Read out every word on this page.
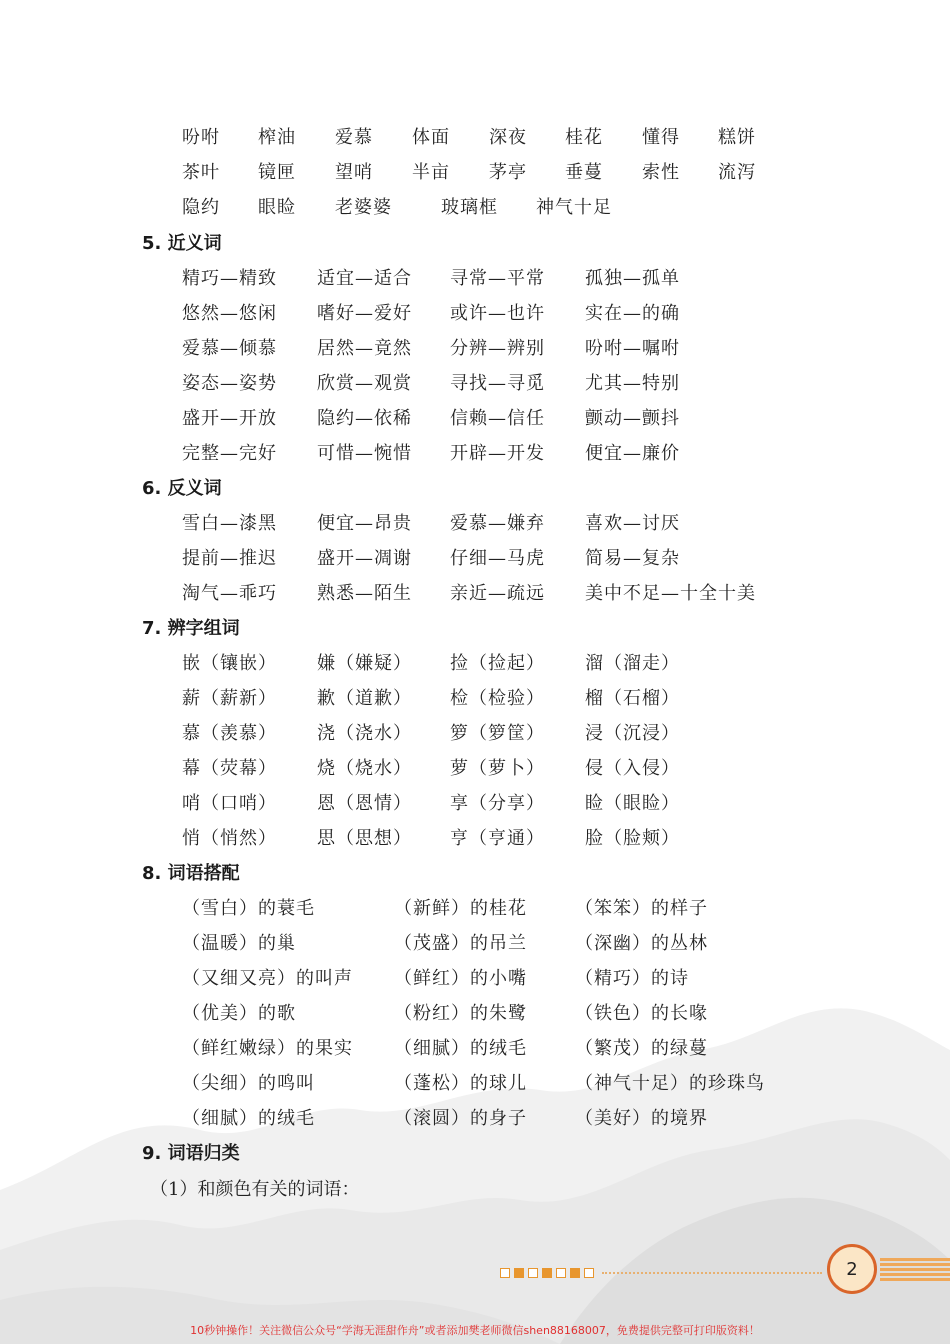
吩咐 榨油 爱慕 体面 深夜 桂花 懂得 糕饼
茶叶 镜匣 望哨 半亩 茅亭 垂蔓 索性 流泻
隐约 眼睑 老婆婆	玻璃框 神气十足
5. 近义词
精巧—精致 适宜—适合 寻常—平常 孤独—孤单
悠然—悠闲 嗜好—爱好 或许—也许 实在—的确
爱慕—倾慕 居然—竟然 分辨—辨别 吩咐—嘱咐
姿态—姿势 欣赏—观赏 寻找—寻觅 尤其—特别
盛开—开放 隐约—依稀 信赖—信任 颤动—颤抖
完整—完好 可惜—惋惜 开辟—开发 便宜—廉价
6. 反义词
雪白—漆黑 便宜—昂贵 爱慕—嫌弃 喜欢—讨厌
提前—推迟 盛开—凋谢 仔细—马虎 简易—复杂
淘气—乖巧 熟悉—陌生 亲近—疏远 美中不足—十全十美
7. 辨字组词
嵌（镶嵌） 嫌（嫌疑） 捡（捡起） 溜（溜走）
薪（薪新） 歉（道歉） 检（检验） 榴（石榴）
慕（羡慕） 浇（浇水） 箩（箩筐） 浸（沉浸）
幕（荧幕） 烧（烧水） 萝（萝卜） 侵（入侵）
哨（口哨） 恩（恩情） 享（分享） 睑（眼睑）
悄（悄然） 思（思想） 亨（亨通） 脸（脸颊）
8. 词语搭配
（雪白）的蓑毛	（新鲜）的桂花	（笨笨）的样子
（温暖）的巢	（茂盛）的吊兰	（深幽）的丛林
（又细又亮）的叫声 （鲜红）的小嘴	（精巧）的诗
（优美）的歌	（粉红）的朱鹭	（铁色）的长喙
（鲜红嫩绿）的果实 （细腻）的绒毛	（繁茂）的绿蔓
（尖细）的鸣叫	（蓬松）的球儿	（神气十足）的珍珠鸟
（细腻）的绒毛	（滚圆）的身子	（美好）的境界
9. 词语归类
（1）和颜色有关的词语：
2
10秒钟操作！关注微信公众号“学海无涯甜作舟”或者添加樊老师微信shen88168007，免费提供完整可打印版资料！
